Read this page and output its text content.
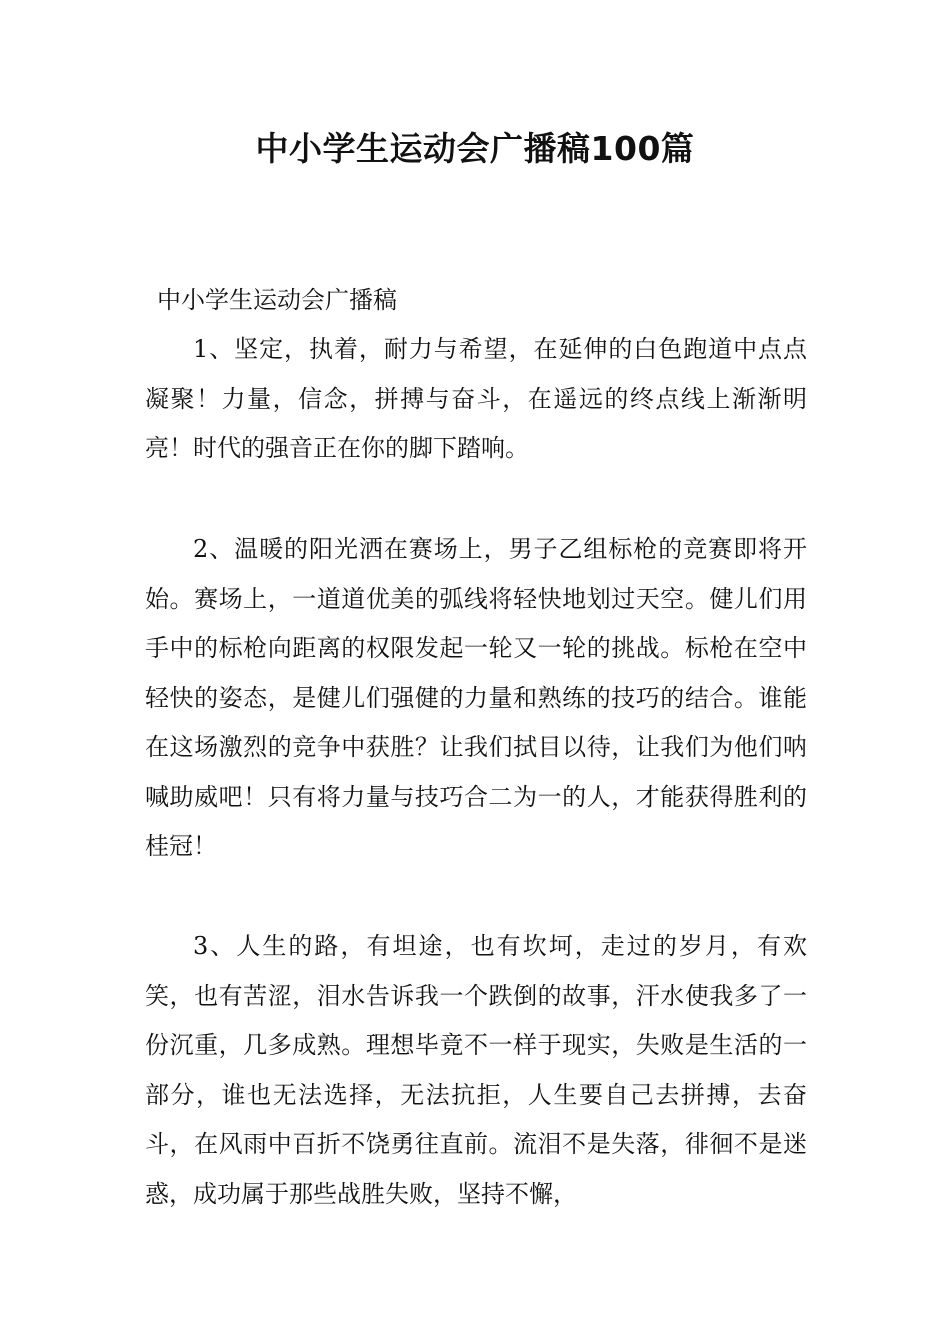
中小学生运动会广播稿100篇

中小学生运动会广播稿

1、坚定，执着，耐力与希望，在延伸的白色跑道中点点凝聚！力量，信念，拼搏与奋斗，在遥远的终点线上渐渐明亮！时代的强音正在你的脚下踏响。

2、温暖的阳光洒在赛场上，男子乙组标枪的竞赛即将开始。赛场上，一道道优美的弧线将轻快地划过天空。健儿们用手中的标枪向距离的权限发起一轮又一轮的挑战。标枪在空中轻快的姿态，是健儿们强健的力量和熟练的技巧的结合。谁能在这场激烈的竞争中获胜？让我们拭目以待，让我们为他们呐喊助威吧！只有将力量与技巧合二为一的人，才能获得胜利的桂冠！

3、人生的路，有坦途，也有坎坷，走过的岁月，有欢笑，也有苦涩，泪水告诉我一个跌倒的故事，汗水使我多了一份沉重，几多成熟。理想毕竟不一样于现实，失败是生活的一部分，谁也无法选择，无法抗拒，人生要自己去拼搏，去奋斗，在风雨中百折不饶勇往直前。流泪不是失落，徘徊不是迷惑，成功属于那些战胜失败，坚持不懈，
